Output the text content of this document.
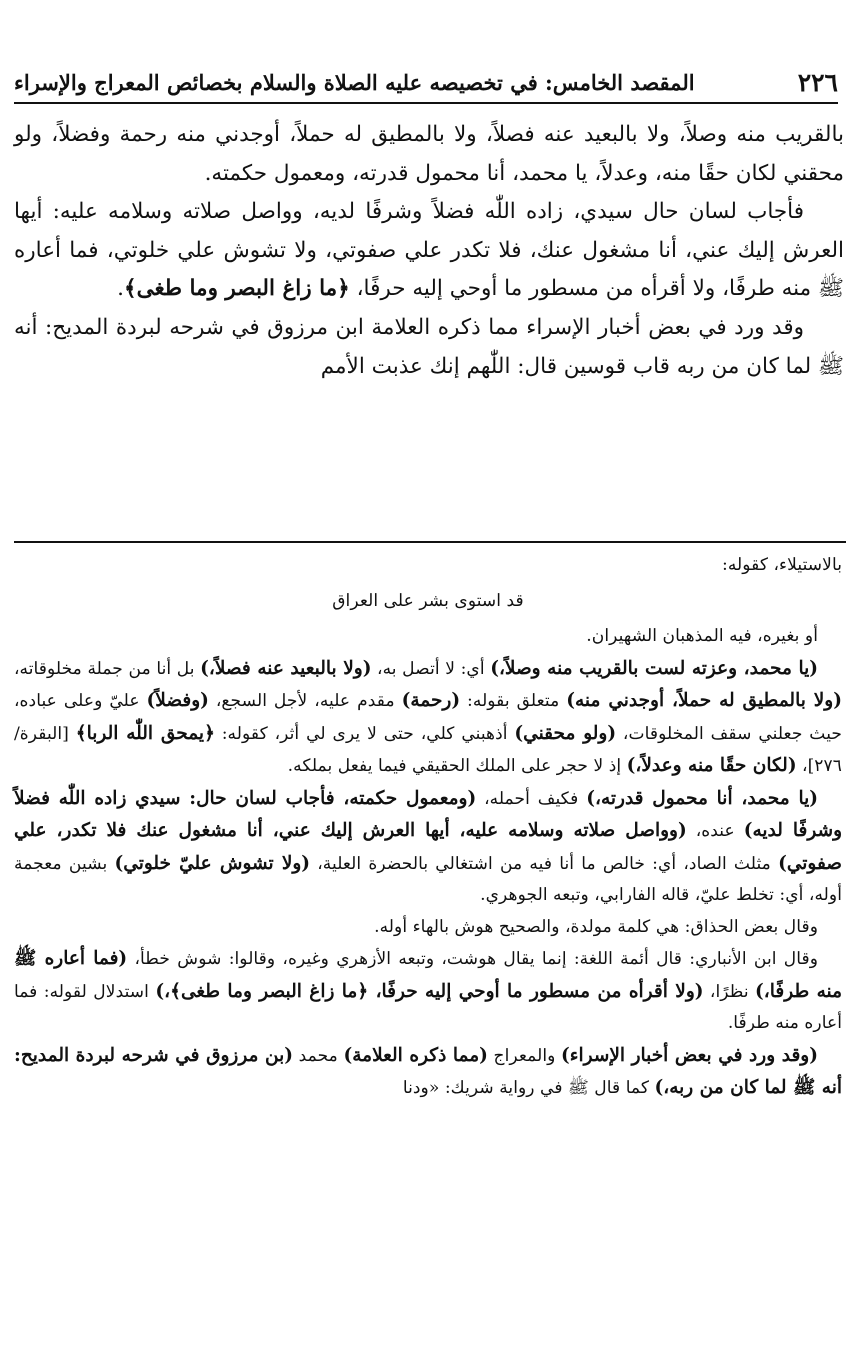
٢٢٦
المقصد الخامس: في تخصيصه عليه الصلاة والسلام بخصائص المعراج والإسراء

بالقريب منه وصلاً، ولا بالبعيد عنه فصلاً، ولا بالمطيق له حملاً، أوجدني منه رحمة وفضلاً، ولو محقني لكان حقًا منه، وعدلاً، يا محمد، أنا محمول قدرته، ومعمول حكمته.

فأجاب لسان حال سيدي، زاده اللّٰه فضلاً وشرفًا لديه، وواصل صلاته وسلامه عليه: أيها العرش إليك عني، أنا مشغول عنك، فلا تكدر علي صفوتي، ولا تشوش علي خلوتي، فما أعاره ﷺ منه طرفًا، ولا أقرأه من مسطور ما أوحي إليه حرفًا، ﴿ما زاغ البصر وما طغى﴾.

وقد ورد في بعض أخبار الإسراء مما ذكره العلامة ابن مرزوق في شرحه لبردة المديح: أنه ﷺ لما كان من ربه قاب قوسين قال: اللّٰهم إنك عذبت الأمم

بالاستيلاء، كقوله:

قد استوى بشر على العراق

أو بغيره، فيه المذهبان الشهيران.

(يا محمد، وعزته لست بالقريب منه وصلاً،) أي: لا أتصل به، (ولا بالبعيد عنه فصلاً،) بل أنا من جملة مخلوقاته، (ولا بالمطيق له حملاً، أوجدني منه) متعلق بقوله: (رحمة) مقدم عليه، لأجل السجع، (وفضلاً) عليّ وعلى عباده، حيث جعلني سقف المخلوقات، (ولو محقني) أذهبني كلي، حتى لا يرى لي أثر، كقوله: ﴿يمحق اللّٰه الربا﴾ [البقرة/٢٧٦]، (لكان حقًا منه وعدلاً،) إذ لا حجر على الملك الحقيقي فيما يفعل بملكه.

(يا محمد، أنا محمول قدرته،) فكيف أحمله، (ومعمول حكمته، فأجاب لسان حال: سيدي زاده اللّٰه فضلاً وشرفًا لديه) عنده، (وواصل صلاته وسلامه عليه، أيها العرش إليك عني، أنا مشغول عنك فلا تكدر، علي صفوتي) مثلث الصاد، أي: خالص ما أنا فيه من اشتغالي بالحضرة العلية، (ولا تشوش عليّ خلوتي) بشين معجمة أوله، أي: تخلط عليّ، قاله الفارابي، وتبعه الجوهري.

وقال بعض الحذاق: هي كلمة مولدة، والصحيح هوش بالهاء أوله.

وقال ابن الأنباري: قال أئمة اللغة: إنما يقال هوشت، وتبعه الأزهري وغيره، وقالوا: شوش خطأ، (فما أعاره ﷺ منه طرفًا،) نظرًا، (ولا أقرأه من مسطور ما أوحي إليه حرفًا، ﴿ما زاغ البصر وما طغى﴾،) استدلال لقوله: فما أعاره منه طرفًا.

(وقد ورد في بعض أخبار الإسراء) والمعراج (مما ذكره العلامة) محمد (بن مرزوق في شرحه لبردة المديح: أنه ﷺ لما كان من ربه،) كما قال ﷺ في رواية شريك: «ودنا
